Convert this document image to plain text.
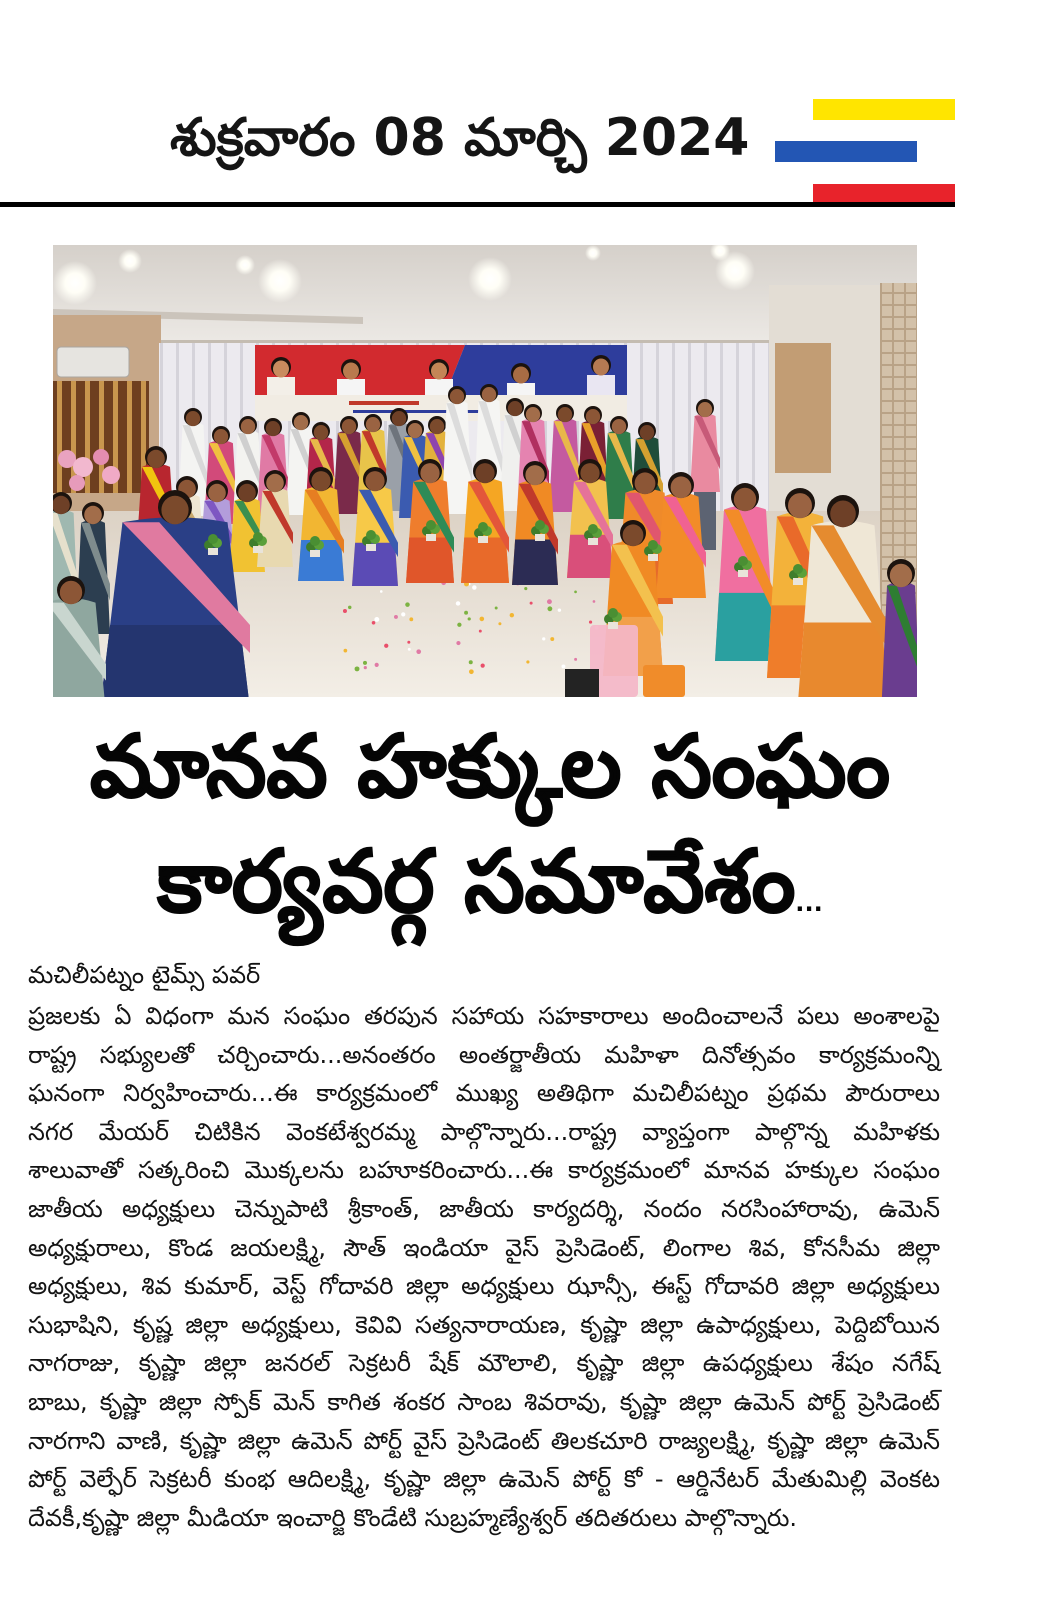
శుక్రవారం 08 మార్చి 2024
మానవ హక్కుల సంఘం
కార్యవర్గ సమావేశం...
మచిలీపట్నం టైమ్స్ పవర్
ప్రజలకు ఏ విధంగా మన సంఘం తరపున సహాయ సహకారాలు అందించాలనే పలు అంశాలపై
రాష్ట్ర సభ్యులతో చర్చించారు...అనంతరం అంతర్జాతీయ మహిళా దినోత్సవం కార్యక్రమంన్ని
ఘనంగా నిర్వహించారు...ఈ కార్యక్రమంలో ముఖ్య అతిథిగా మచిలీపట్నం ప్రథమ పౌరురాలు
నగర మేయర్ చిటికిన వెంకటేశ్వరమ్మ పాల్గొన్నారు...రాష్ట్ర వ్యాప్తంగా పాల్గొన్న మహిళకు
శాలువాతో సత్కరించి మొక్కలను బహూకరించారు...ఈ కార్యక్రమంలో మానవ హక్కుల సంఘం
జాతీయ అధ్యక్షులు చెన్నుపాటి శ్రీకాంత్, జాతీయ కార్యదర్శి, నందం నరసింహారావు, ఉమెన్
అధ్యక్షురాలు, కొండ జయలక్ష్మి, సౌత్ ఇండియా వైస్ ప్రెసిడెంట్, లింగాల శివ, కోనసీమ జిల్లా
అధ్యక్షులు, శివ కుమార్, వెస్ట్ గోదావరి జిల్లా అధ్యక్షులు ఝాన్సీ, ఈస్ట్ గోదావరి జిల్లా అధ్యక్షులు
సుభాషిని, కృష్ణ జిల్లా అధ్యక్షులు, కెవివి సత్యనారాయణ, కృష్ణా జిల్లా ఉపాధ్యక్షులు, పెద్దిబోయిన
నాగరాజు, కృష్ణా జిల్లా జనరల్ సెక్రటరీ షేక్ మౌలాలి, కృష్ణా జిల్లా ఉపధ్యక్షులు శేషం నగేష్
బాబు, కృష్ణా జిల్లా స్పోక్ మెన్ కాగిత శంకర సాంబ శివరావు, కృష్ణా జిల్లా ఉమెన్ పోర్ట్ ప్రెసిడెంట్
నారగాని వాణి, కృష్ణా జిల్లా ఉమెన్ పోర్ట్ వైస్ ప్రెసిడెంట్ తిలకచూరి రాజ్యలక్ష్మి, కృష్ణా జిల్లా ఉమెన్
పోర్ట్ వెల్ఫేర్ సెక్రటరీ కుంభ ఆదిలక్ష్మి, కృష్ణా జిల్లా ఉమెన్ పోర్ట్ కో - ఆర్డినేటర్ మేతుమిల్లి వెంకట
దేవకీ,కృష్ణా జిల్లా మీడియా ఇంచార్జి కొండేటి సుబ్రహ్మణ్యేశ్వర్ తదితరులు పాల్గొన్నారు.
